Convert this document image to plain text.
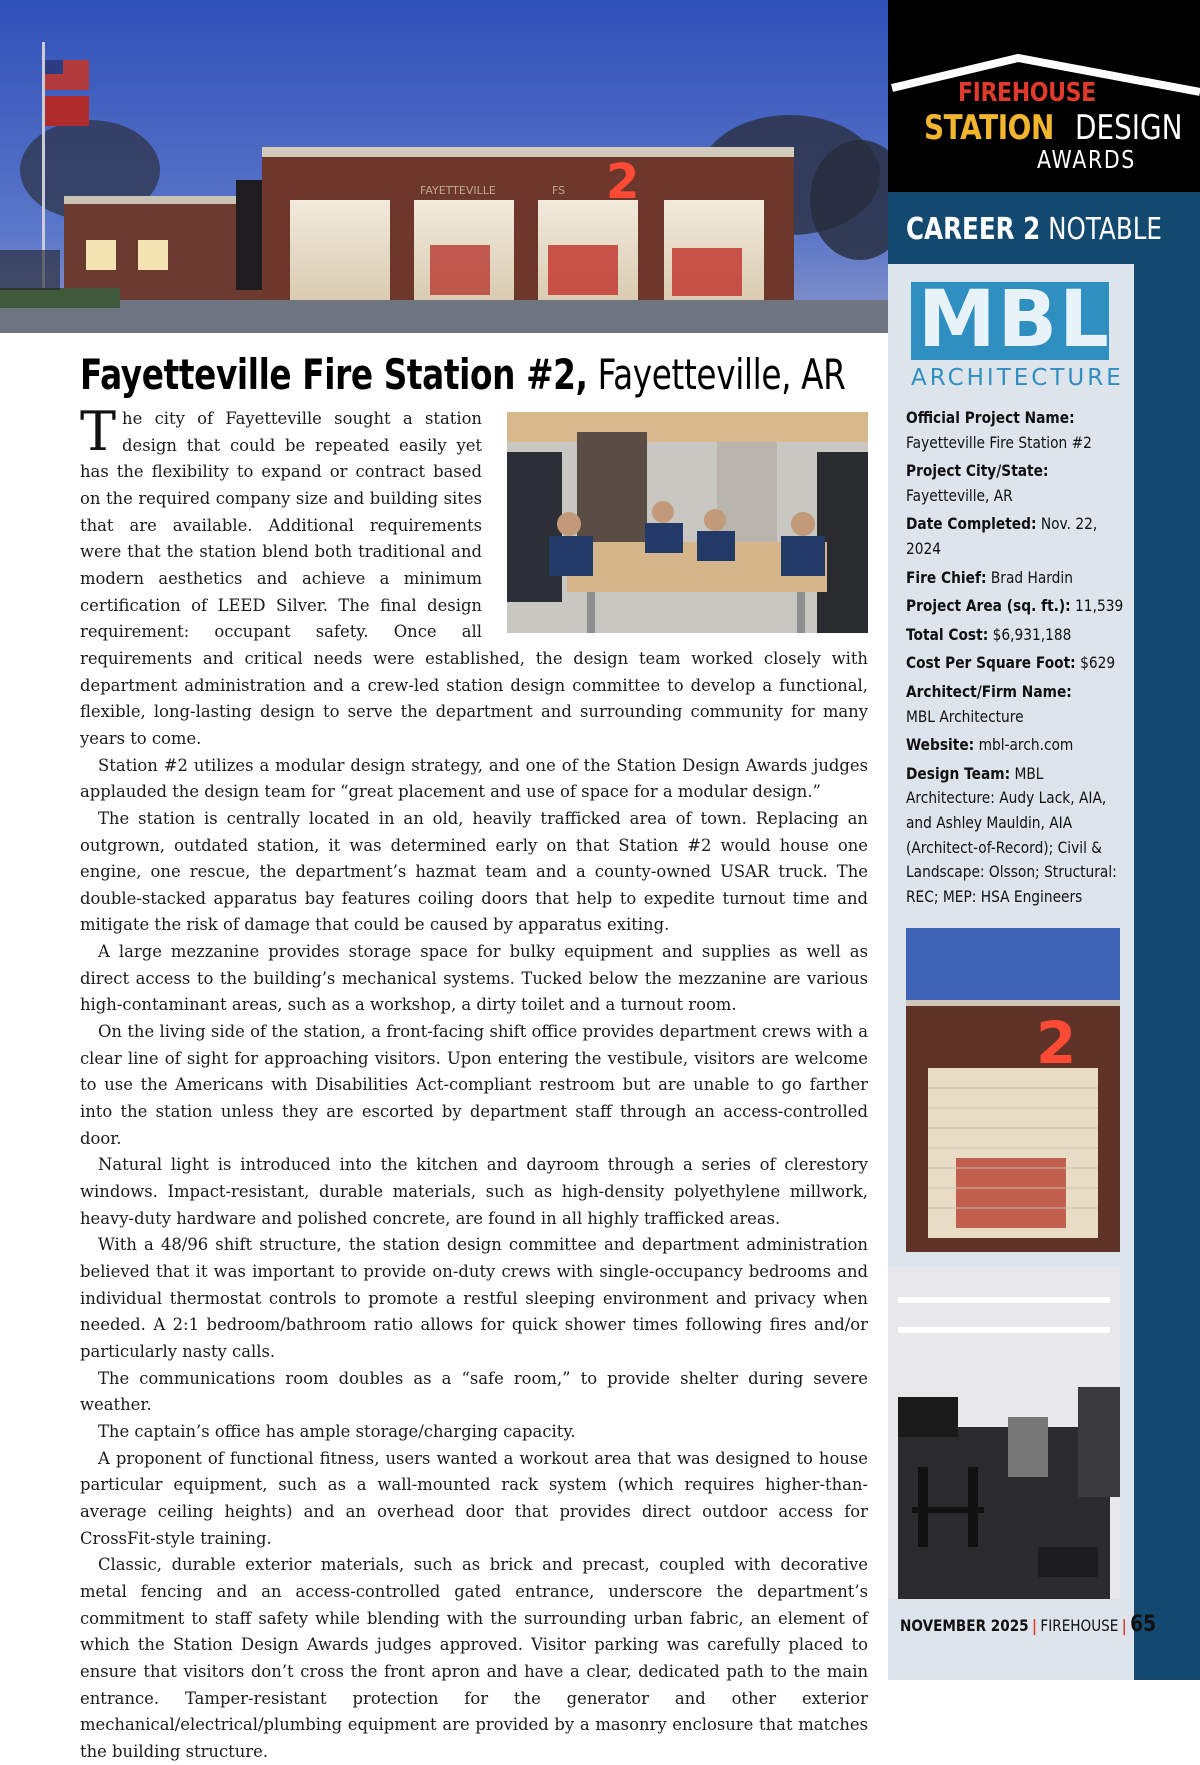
FAYETTEVILLE	FS 2
FIREHOUSE
STATION DESIGN
AWARDS
CAREER 2 NOTABLE
MBL
ARCHITECTURE
Official Project Name:
Fayetteville Fire Station #2
Project City/State:
Fayetteville, AR
Date Completed: Nov. 22, 2024
Fire Chief: Brad Hardin
Project Area (sq. ft.): 11,539
Total Cost: $6,931,188
Cost Per Square Foot: $629
Architect/Firm Name:
MBL Architecture
Website: mbl-arch.com
Design Team: MBL Architecture: Audy Lack, AIA, and Ashley Mauldin, AIA (Architect-of-Record); Civil & Landscape: Olsson; Structural: REC; MEP: HSA Engineers
2
NOVEMBER 2025 | FIREHOUSE | 65
Fayetteville Fire Station #2, Fayetteville, AR

T he city of Fayetteville sought a station design that could be repeated easily yet has the flexibility to expand or contract based on the required company size and building sites that are available. Additional requirements were that the station blend both traditional and modern aesthetics and achieve a minimum certification of LEED Silver. The final design requirement: occupant safety. Once all requirements and critical needs were established, the design team worked closely with department administration and a crew-led station design committee to develop a functional, flexible, long-lasting design to serve the department and surrounding community for many years to come.

Station #2 utilizes a modular design strategy, and one of the Station Design Awards judges applauded the design team for “great placement and use of space for a modular design.”

The station is centrally located in an old, heavily trafficked area of town. Replacing an outgrown, outdated station, it was determined early on that Station #2 would house one engine, one rescue, the department’s hazmat team and a county-owned USAR truck. The double-stacked apparatus bay features coiling doors that help to expedite turnout time and mitigate the risk of damage that could be caused by apparatus exiting.

A large mezzanine provides storage space for bulky equipment and supplies as well as direct access to the building’s mechanical systems. Tucked below the mezzanine are various high-contaminant areas, such as a workshop, a dirty toilet and a turnout room.

On the living side of the station, a front-facing shift office provides department crews with a clear line of sight for approaching visitors. Upon entering the vestibule, visitors are welcome to use the Americans with Disabilities Act-compliant restroom but are unable to go farther into the station unless they are escorted by department staff through an access-controlled door.

Natural light is introduced into the kitchen and dayroom through a series of clerestory windows. Impact-resistant, durable materials, such as high-density polyethylene millwork, heavy-duty hardware and polished concrete, are found in all highly trafficked areas.

With a 48/96 shift structure, the station design committee and department administration believed that it was important to provide on-duty crews with single-occupancy bedrooms and individual thermostat controls to promote a restful sleeping environment and privacy when needed. A 2:1 bedroom/bathroom ratio allows for quick shower times following fires and/or particularly nasty calls.

The communications room doubles as a “safe room,” to provide shelter during severe weather.

The captain’s office has ample storage/charging capacity.

A proponent of functional fitness, users wanted a workout area that was designed to house particular equipment, such as a wall-mounted rack system (which requires higher-than-average ceiling heights) and an overhead door that provides direct outdoor access for CrossFit-style training.

Classic, durable exterior materials, such as brick and precast, coupled with decorative metal fencing and an access-controlled gated entrance, underscore the department’s commitment to staff safety while blending with the surrounding urban fabric, an element of which the Station Design Awards judges approved. Visitor parking was carefully placed to ensure that visitors don’t cross the front apron and have a clear, dedicated path to the main entrance. Tamper-resistant protection for the generator and other exterior mechanical/electrical/plumbing equipment are provided by a masonry enclosure that matches the building structure.
